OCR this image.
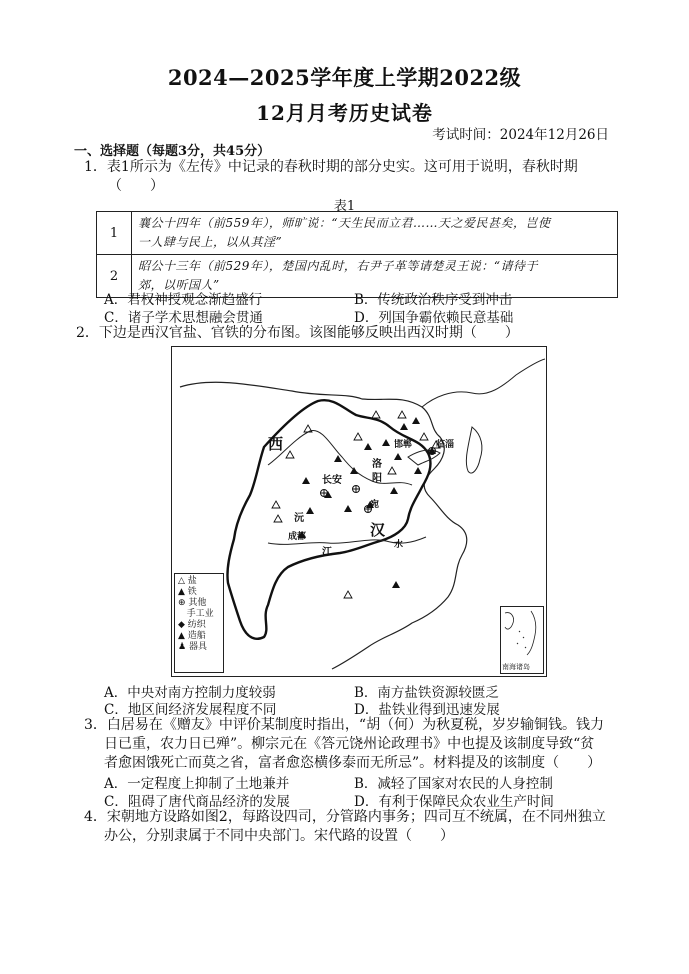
2024—2025学年度上学期2022级
12月月考历史试卷
考试时间：2024年12月26日
一、选择题（每题3分，共45分）
1．表1所示为《左传》中记录的春秋时期的部分史实。这可用于说明，春秋时期
（　　）
表1
1	襄公十四年（前559年），师旷说：“天生民而立君……天之爱民甚矣，岂使
一人肆与民上，以从其淫”

2	昭公十三年（前529年），楚国内乱时，右尹子革等请楚灵王说：“请待于
郊，以听国人”
A．君权神授观念渐趋盛行	B．传统政治秩序受到冲击
C．诸子学术思想融会贯通	D．列国争霸依赖民意基础
2．下边是西汉官盐、官铁的分布图。该图能够反映出西汉时期（　　）
西
汉
长安
洛
阳
邯郸	临淄
宛
成都
江
水
沅
△ 盐
▲ 铁
⊕ 其他
手工业
◆ 纺织
▲ 造船
♟ 器具
南海诸岛
A．中央对南方控制力度较弱	B．南方盐铁资源较匮乏
C．地区间经济发展程度不同	D．盐铁业得到迅速发展
3．白居易在《赠友》中评价某制度时指出，“胡（何）为秋夏税，岁岁输铜钱。钱力
日已重，农力日已殚”。柳宗元在《答元饶州论政理书》中也提及该制度导致“贫
者愈困饿死亡而莫之省，富者愈恣横侈泰而无所忌”。材料提及的该制度（　　）
A．一定程度上抑制了土地兼并	B．减轻了国家对农民的人身控制
C．阻碍了唐代商品经济的发展	D．有利于保障民众农业生产时间
4．宋朝地方设路如图2，每路设四司，分管路内事务；四司互不统属，在不同州独立
办公，分别隶属于不同中央部门。宋代路的设置（　　）
